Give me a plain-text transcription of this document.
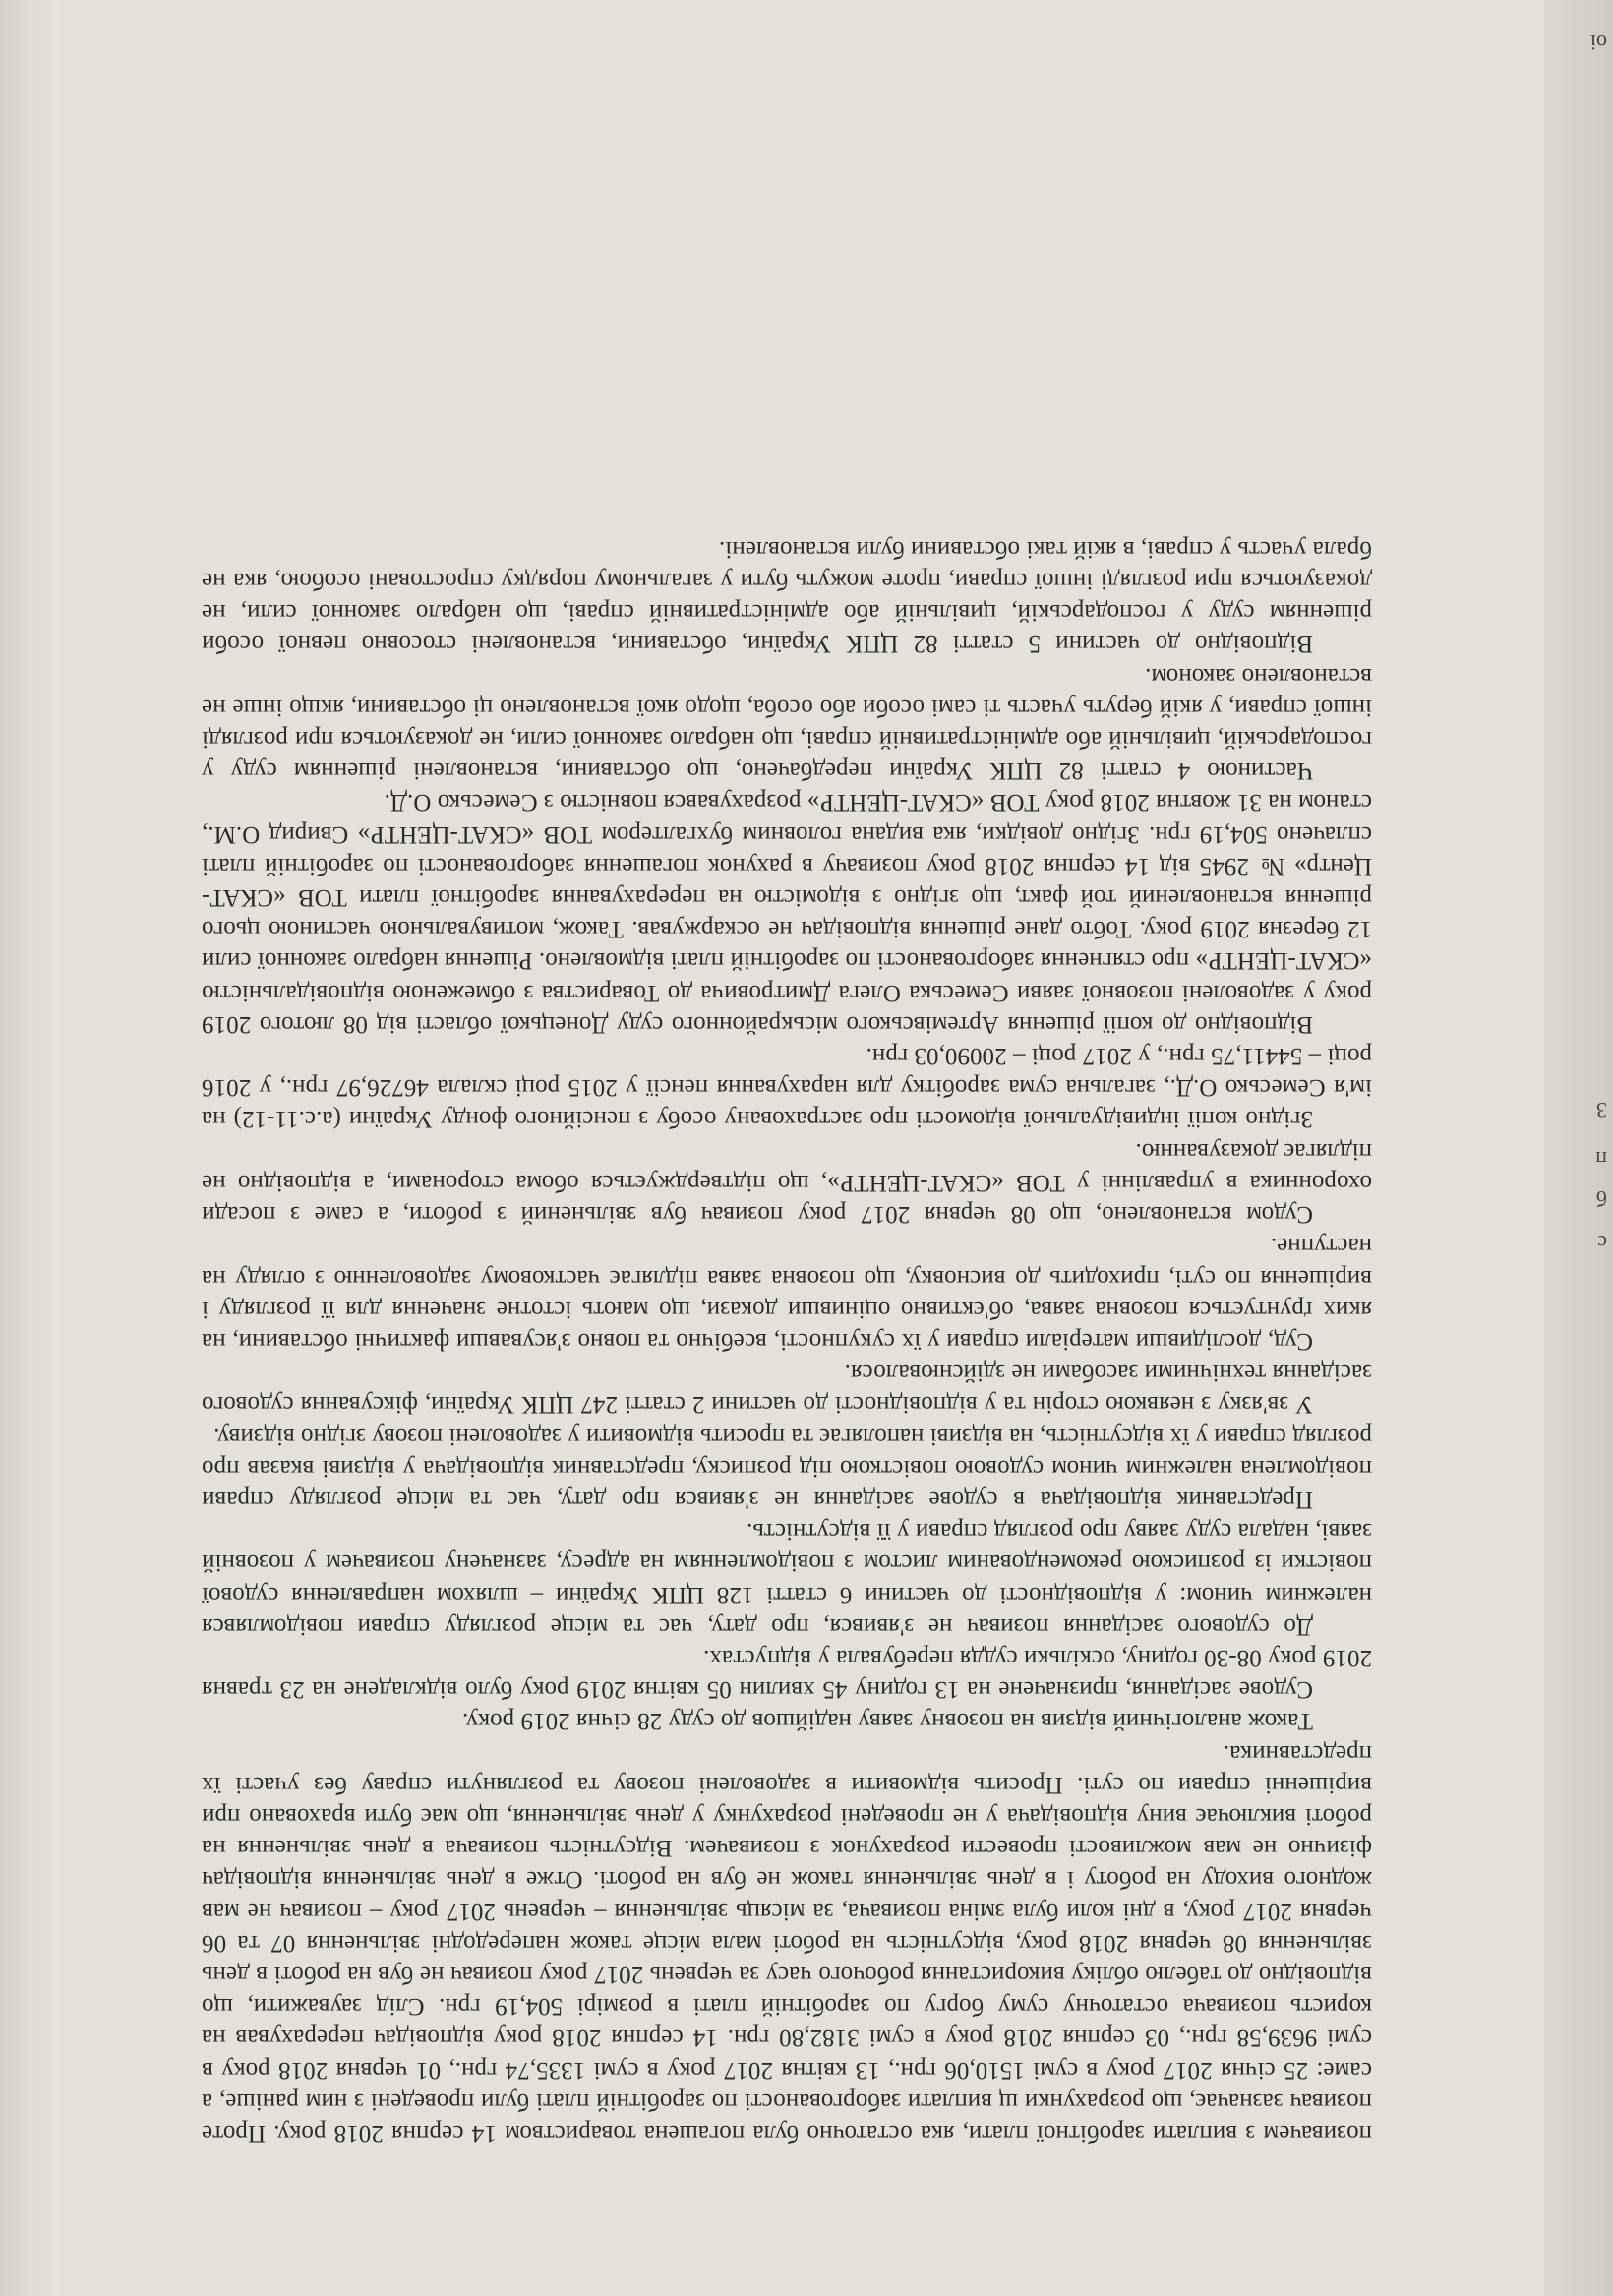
оі
3
п
б
с

позивачем з виплати заробітної плати, яка остаточно була погашена товариством 14 серпня 2018 року. Проте позивач зазначає, що розрахунки щ виплати заборгованості по заробітній платі були проведені з ним раніше, а саме: 25 січня 2017 року в сумі 1510,06 грн., 13 квітня 2017 року в сумі 1335,74 грн., 01 червня 2018 року в сумі 9639,58 грн., 03 серпня 2018 року в сумі 3182,80 грн. 14 серпня 2018 року відповідач перерахував на користь позивача остаточну суму боргу по заробітній платі в розмірі 504,19 грн. Слід зауважити, що відповідно до табелю обліку використання робочого часу за червень 2017 року позивач не був на роботі в день звільнення 08 червня 2018 року, відсутність на роботі мала місце також напередодні звільнення 07 та 06 червня 2017 року, в дні коли була зміна позивача, за місяць звільнення – червень 2017 року – позивач не мав жодного виходу на роботу і в день звільнення також не був на роботі. Отже в день звільнення відповідач фізично не мав можливості провести розрахунок з позивачем. Відсутність позивача в день звільнення на роботі виключає вину відповідача у не проведені розрахунку у день звільнення, що має бути враховано при вирішенні справи по суті. Просить відмовити в задоволені позову та розглянути справу без участі їх представника.

Також аналогічний відзив на позовну заяву надійшов до суду 28 січня 2019 року.

Судове засідання, призначене на 13 годину 45 хвилин 05 квітня 2019 року було відкладене на 23 травня 2019 року 08-30 годину, оскільки суддя перебувала у відпустах.

До судового засідання позивач не з'явився, про дату, час та місце розгляду справи повідомлявся належним чином: у відповідності до частини 6 статті 128 ЦПК України – шляхом направлення судової повістки із розпискою рекомендованим листом з повідомленням на адресу, зазначену позивачем у позовній заяві, надала суду заяву про розгляд справи у її відсутність.

Представник відповідача в судове засідання не з'явився про дату, час та місце розгляду справи повідомлена належним чином судовою повісткою під розписку, представник відповідача у відзиві вказав про розгляд справи у їх відсутність, на відзиві наполягає та просить відмовити у задоволені позову згідно відзиву.

У зв'язку з неявкою сторін та у відповідності до частини 2 статті 247 ЦПК України, фіксування судового засідання технічними засобами не здійснювалося.

Суд, дослідивши матеріали справи у їх сукупності, всебічно та повно з'ясувавши фактичні обставини, на яких ґрунтується позовна заява, об'єктивно оцінивши докази, що мають істотне значення для її розгляду і вирішення по суті, приходить до висновку, що позовна заява підлягає частковому задоволенню з огляду на наступне.

Судом встановлено, що 08 червня 2017 року позивач був звільнений з роботи, а саме з посади охоронника в управлінні у ТОВ «СКАТ-ЦЕНТР», що підтверджується обома сторонами, а відповідно не підлягає доказуванню.

Згідно копії індивідуальної відомості про застраховану особу з пенсійного фонду України (а.с.11-12) на ім'я Семесько О.Д., загальна сума заробітку для нарахування пенсії у 2015 році склала 46726,97 грн., у 2016 році – 54411,75 грн., у 2017 році – 20090,03 грн.

Відповідно до копії рішення Артемівського міськрайонного суду Донецької області від 08 лютого 2019 року у задоволені позовної заяви Семеська Олега Дмитровича до Товариства з обмеженою відповідальністю «СКАТ-ЦЕНТР» про стягнення заборгованості по заробітній платі відмовлено. Рішення набрало законної сили 12 березня 2019 року. Тобто дане рішення відповідач не оскаржував. Також, мотивувальною частиною цього рішення встановлений той факт, що згідно з відомістю на перерахування заробітної плати ТОВ «СКАТ-Центр» № 2945 від 14 серпня 2018 року позивачу в рахунок погашення заборгованості по заробітній платі сплачено 504,19 грн. Згідно довідки, яка видана головним бухгалтером ТОВ «СКАТ-ЦЕНТР» Свирид О.М., станом на 31 жовтня 2018 року ТОВ «СКАТ-ЦЕНТР» розрахувався повністю з Семесько О.Д.

Частиною 4 статті 82 ЦПК України передбачено, що обставини, встановлені рішенням суду у господарській, цивільній або адміністративній справі, що набрало законної сили, не доказуються при розгляді іншої справи, у якій беруть участь ті самі особи або особа, щодо якої встановлено ці обставини, якщо інше не встановлено законом.

Відповідно до частини 5 статті 82 ЦПК України, обставини, встановлені стосовно певної особи рішенням суду у господарській, цивільній або адміністративній справі, що набрало законної сили, не доказуються при розгляді іншої справи, проте можуть бути у загальному порядку спростовані особою, яка не брала участь у справі, в якій такі обставини були встановлені.
